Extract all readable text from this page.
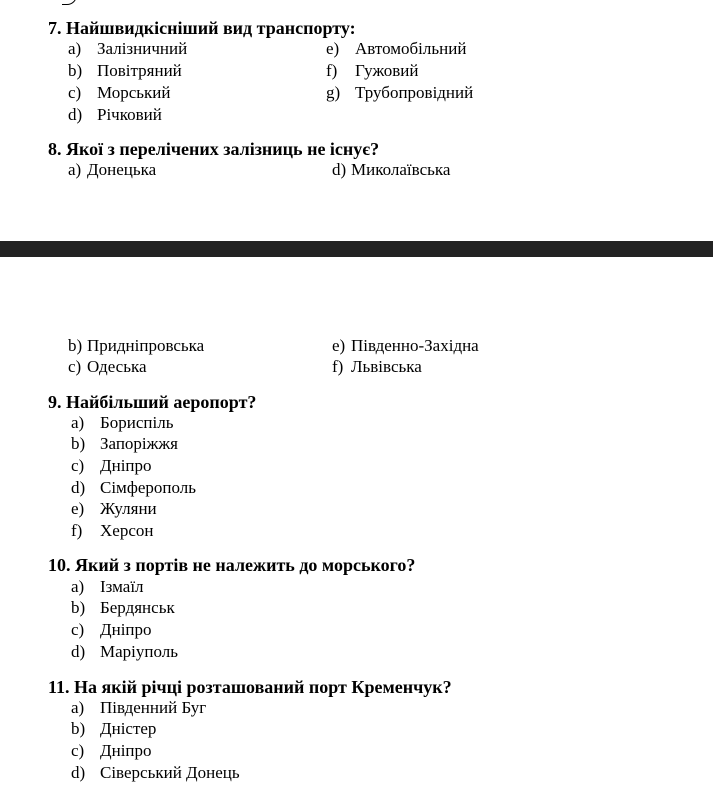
7. Найшвидкісніший вид транспорту:
a) Залізничний
b) Повітряний
c) Морський
d) Річковий
e) Автомобільний
f) Гужовий
g) Трубопровідний
8. Якої з перелічених залізниць не існує?
a) Донецька	d) Миколаївська
b) Придніпровська
c) Одеська
e) Південно-Західна
f) Львівська
9. Найбільший аеропорт?
a) Бориспіль
b) Запоріжжя
c) Дніпро
d) Сімферополь
e) Жуляни
f) Херсон
10. Який з портів не належить до морського?
a) Ізмаїл
b) Бердянськ
c) Дніпро
d) Маріуполь
11. На якій річці розташований порт Кременчук?
a) Південний Буг
b) Дністер
c) Дніпро
d) Сіверський Донець
